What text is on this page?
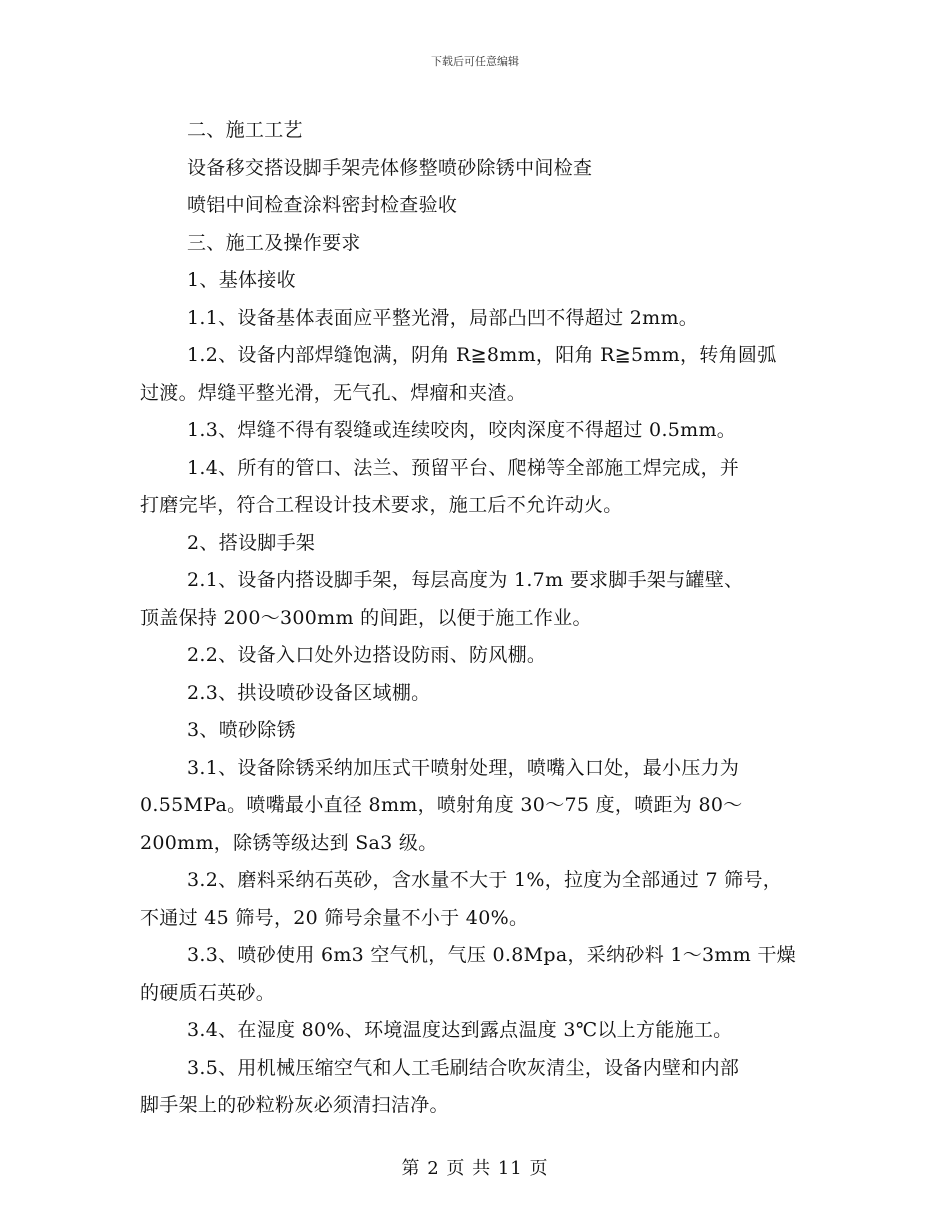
下载后可任意编辑
二、施工工艺
设备移交搭设脚手架壳体修整喷砂除锈中间检查
喷铝中间检查涂料密封检查验收
三、施工及操作要求
1、基体接收
1.1、设备基体表面应平整光滑，局部凸凹不得超过 2mm。
1.2、设备内部焊缝饱满，阴角 R≧8mm，阳角 R≧5mm，转角圆弧
过渡。焊缝平整光滑，无气孔、焊瘤和夹渣。
1.3、焊缝不得有裂缝或连续咬肉，咬肉深度不得超过 0.5mm。
1.4、所有的管口、法兰、预留平台、爬梯等全部施工焊完成，并
打磨完毕，符合工程设计技术要求，施工后不允许动火。
2、搭设脚手架
2.1、设备内搭设脚手架，每层高度为 1.7m 要求脚手架与罐壁、
顶盖保持 200～300mm 的间距，以便于施工作业。
2.2、设备入口处外边搭设防雨、防风棚。
2.3、拱设喷砂设备区域棚。
3、喷砂除锈
3.1、设备除锈采纳加压式干喷射处理，喷嘴入口处，最小压力为
0.55MPa。喷嘴最小直径 8mm，喷射角度 30～75 度，喷距为 80～
200mm，除锈等级达到 Sa3 级。
3.2、磨料采纳石英砂，含水量不大于 1%，拉度为全部通过 7 筛号，
不通过 45 筛号，20 筛号余量不小于 40%。
3.3、喷砂使用 6m3 空气机，气压 0.8Mpa，采纳砂料 1～3mm 干燥
的硬质石英砂。
3.4、在湿度 80%、环境温度达到露点温度 3℃以上方能施工。
3.5、用机械压缩空气和人工毛刷结合吹灰清尘，设备内壁和内部
脚手架上的砂粒粉灰必须清扫洁净。
第 2 页 共 11 页
